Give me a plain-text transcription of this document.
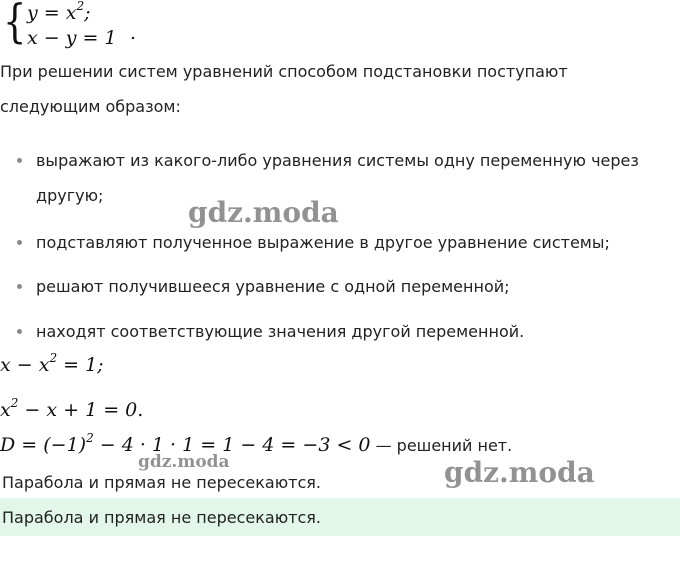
{ $y = x^2$;
x − y = 1 .
При решении систем уравнений способом подстановки поступают
следующим образом:
выражают из какого-либо уравнения системы одну переменную через
другую;
подставляют полученное выражение в другое уравнение системы;
решают получившееся уравнение с одной переменной;
находят соответствующие значения другой переменной.
$x - x^2 = 1$;
$x^2 - x + 1 = 0$.
$D = (-1)^2 - 4 \cdot 1 \cdot 1 = 1 - 4 = -3 < 0$ — решений нет.
Парабола и прямая не пересекаются.
Парабола и прямая не пересекаются.
gdz.moda
gdz.moda	gdz.moda
